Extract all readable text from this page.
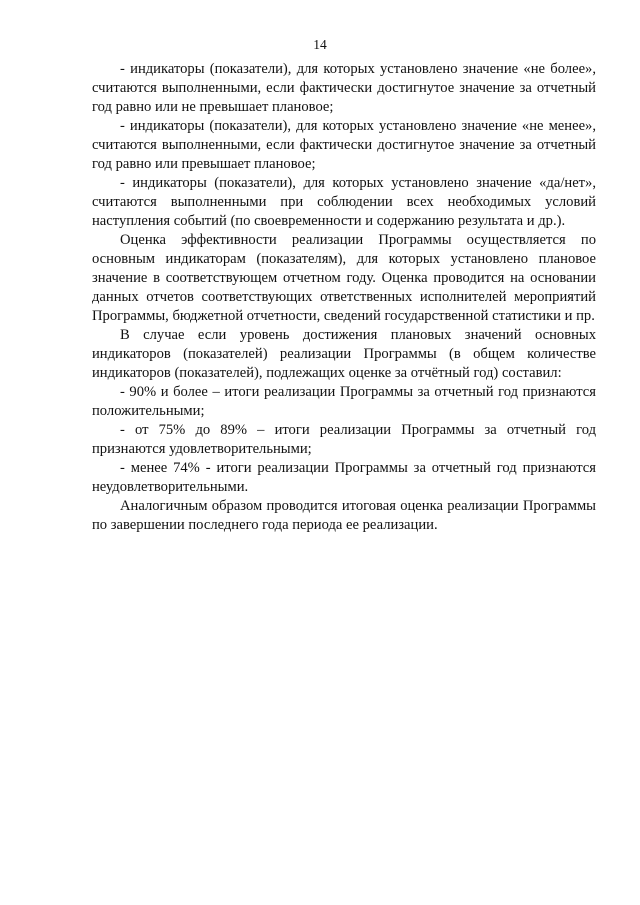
14

- индикаторы (показатели), для которых установлено значение «не более», считаются выполненными, если фактически достигнутое значение за отчетный год равно или не превышает плановое;

- индикаторы (показатели), для которых установлено значение «не менее», считаются выполненными, если фактически достигнутое значение за отчетный год равно или превышает плановое;

- индикаторы (показатели), для которых установлено значение «да/нет», считаются выполненными при соблюдении всех необходимых условий наступления событий (по своевременности и содержанию результата и др.).

Оценка эффективности реализации Программы осуществляется по основным индикаторам (показателям), для которых установлено плановое значение в соответствующем отчетном году. Оценка проводится на основании данных отчетов соответствующих ответственных исполнителей мероприятий Программы, бюджетной отчетности, сведений государственной статистики и пр.

В случае если уровень достижения плановых значений основных индикаторов (показателей) реализации Программы (в общем количестве индикаторов (показателей), подлежащих оценке за отчётный год) составил:

- 90% и более – итоги реализации Программы за отчетный год признаются положительными;

- от 75% до 89% – итоги реализации Программы за отчетный год признаются удовлетворительными;

- менее 74% - итоги реализации Программы за отчетный год признаются неудовлетворительными.

Аналогичным образом проводится итоговая оценка реализации Программы по завершении последнего года периода ее реализации.
